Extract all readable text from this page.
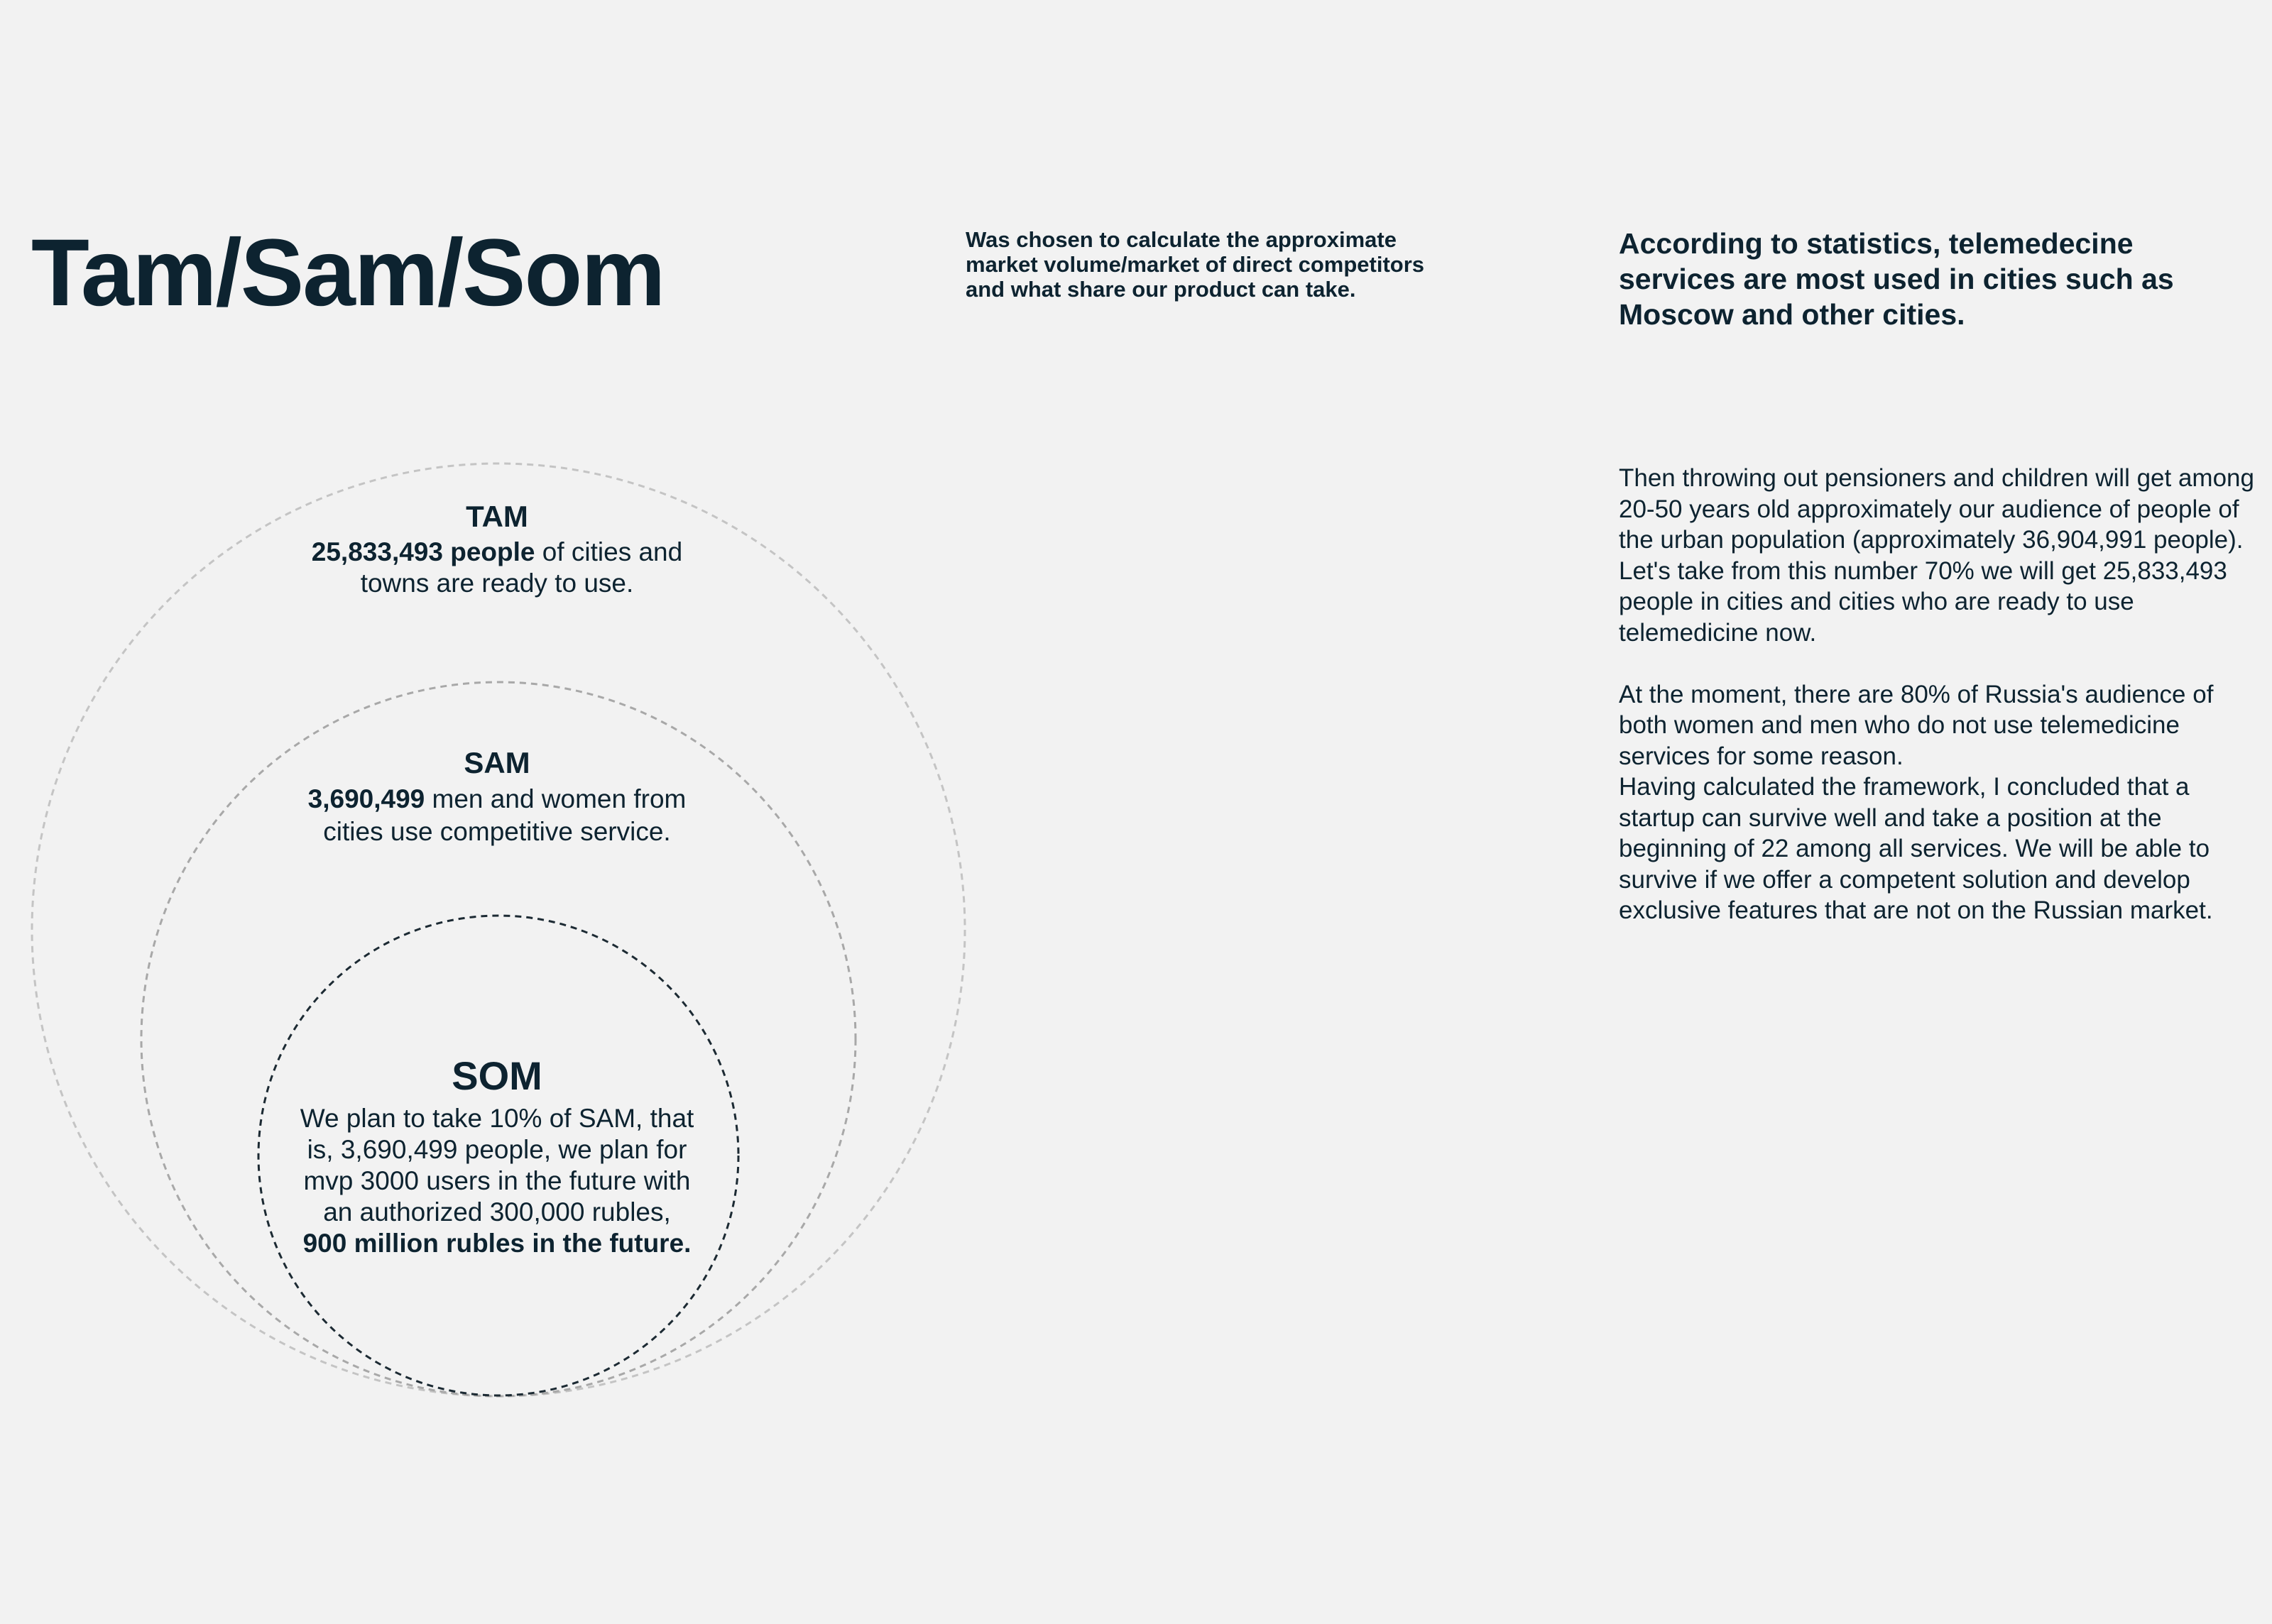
Tam/Sam/Som	Was chosen to calculate the approximate market volume/market of direct competitors and what share our product can take.
According to statistics, telemedecine services are most used in cities such as Moscow and other cities.

Then throwing out pensioners and children will get among 20-50 years old approximately our audience of people of the urban population (approximately 36,904,991 people). Let's take from this number 70% we will get 25,833,493 people in cities and cities who are ready to use telemedicine now.

At the moment, there are 80% of Russia's audience of both women and men who do not use telemedicine services for some reason.

Having calculated the framework, I concluded that a startup can survive well and take a position at the beginning of 22 among all services. We will be able to survive if we offer a competent solution and develop exclusive features that are not on the Russian market.

TAM
25,833,493 people of cities and
towns are ready to use.
SAM
3,690,499 men and women from
cities use competitive service.
SOM
We plan to take 10% of SAM, that is, 3,690,499 people, we plan for mvp 3000 users in the future with an authorized 300,000 rubles,
900 million rubles in the future.
